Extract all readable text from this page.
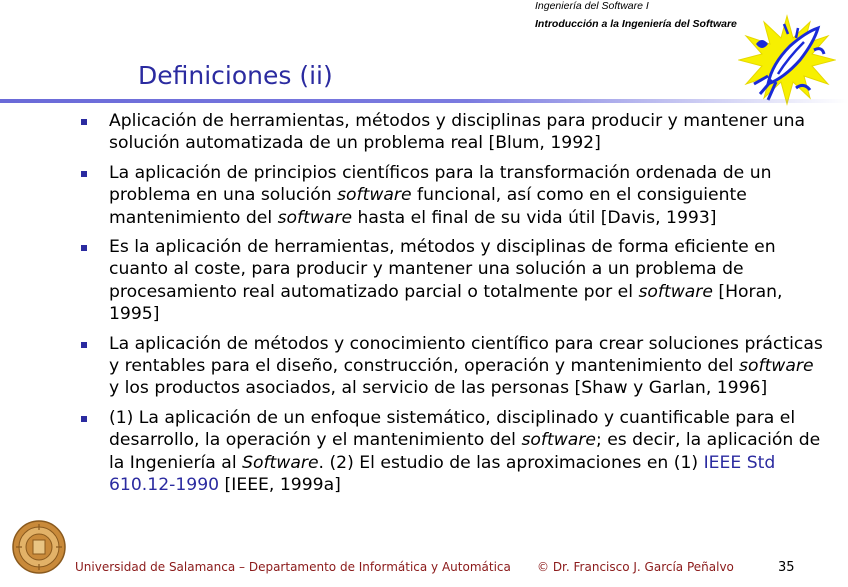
Ingeniería del Software I
Introducción a la Ingeniería del Software
Definiciones (ii)
Aplicación de herramientas, métodos y disciplinas para producir y mantener una solución automatizada de un problema real [Blum, 1992]
La aplicación de principios científicos para la transformación ordenada de un problema en una solución software funcional, así como en el consiguiente mantenimiento del software hasta el final de su vida útil [Davis, 1993]
Es la aplicación de herramientas, métodos y disciplinas de forma eficiente en cuanto al coste, para producir y mantener una solución a un problema de procesamiento real automatizado parcial o totalmente por el software [Horan, 1995]
La aplicación de métodos y conocimiento científico para crear soluciones prácticas y rentables para el diseño, construcción, operación y mantenimiento del software y los productos asociados, al servicio de las personas [Shaw y Garlan, 1996]
(1) La aplicación de un enfoque sistemático, disciplinado y cuantificable para el desarrollo, la operación y el mantenimiento del software; es decir, la aplicación de la Ingeniería al Software. (2) El estudio de las aproximaciones en (1) IEEE Std 610.12-1990 [IEEE, 1999a]
Universidad de Salamanca – Departamento de Informática y Automática © Dr. Francisco J. García Peñalvo	35
